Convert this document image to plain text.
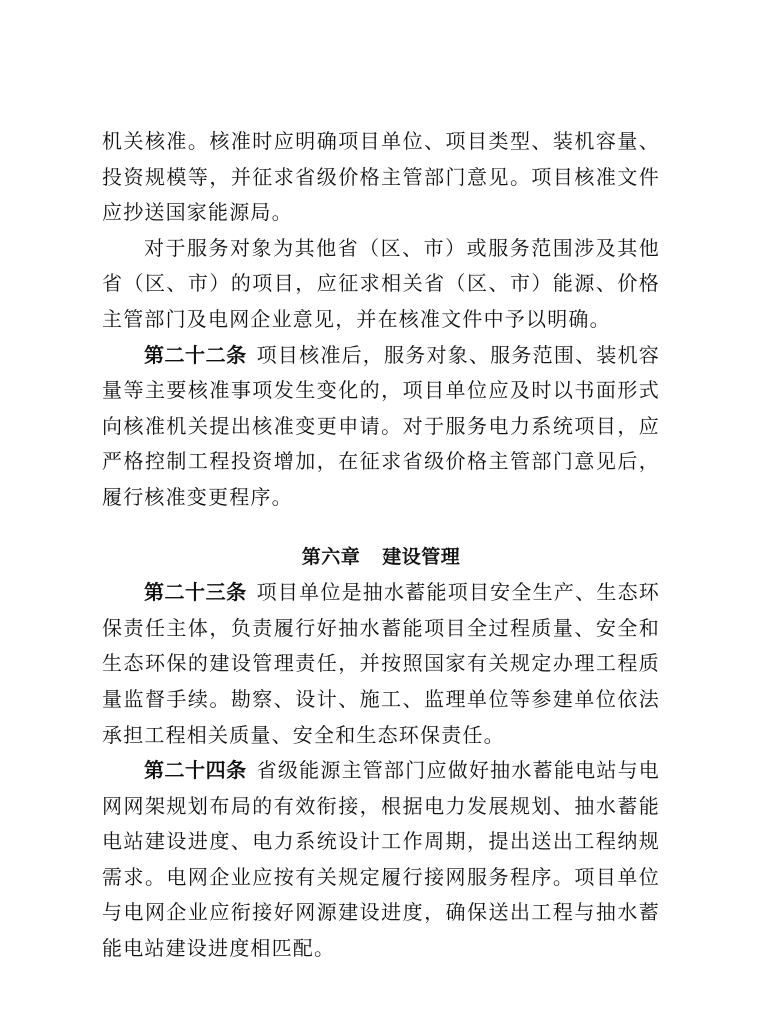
机关核准。核准时应明确项目单位、项目类型、装机容量、投资规模等，并征求省级价格主管部门意见。项目核准文件应抄送国家能源局。

对于服务对象为其他省（区、市）或服务范围涉及其他省（区、市）的项目，应征求相关省（区、市）能源、价格主管部门及电网企业意见，并在核准文件中予以明确。

第二十二条 项目核准后，服务对象、服务范围、装机容量等主要核准事项发生变化的，项目单位应及时以书面形式向核准机关提出核准变更申请。对于服务电力系统项目，应严格控制工程投资增加，在征求省级价格主管部门意见后，履行核准变更程序。

第六章 建设管理

第二十三条 项目单位是抽水蓄能项目安全生产、生态环保责任主体，负责履行好抽水蓄能项目全过程质量、安全和生态环保的建设管理责任，并按照国家有关规定办理工程质量监督手续。勘察、设计、施工、监理单位等参建单位依法承担工程相关质量、安全和生态环保责任。

第二十四条 省级能源主管部门应做好抽水蓄能电站与电网网架规划布局的有效衔接，根据电力发展规划、抽水蓄能电站建设进度、电力系统设计工作周期，提出送出工程纳规需求。电网企业应按有关规定履行接网服务程序。项目单位与电网企业应衔接好网源建设进度，确保送出工程与抽水蓄能电站建设进度相匹配。
